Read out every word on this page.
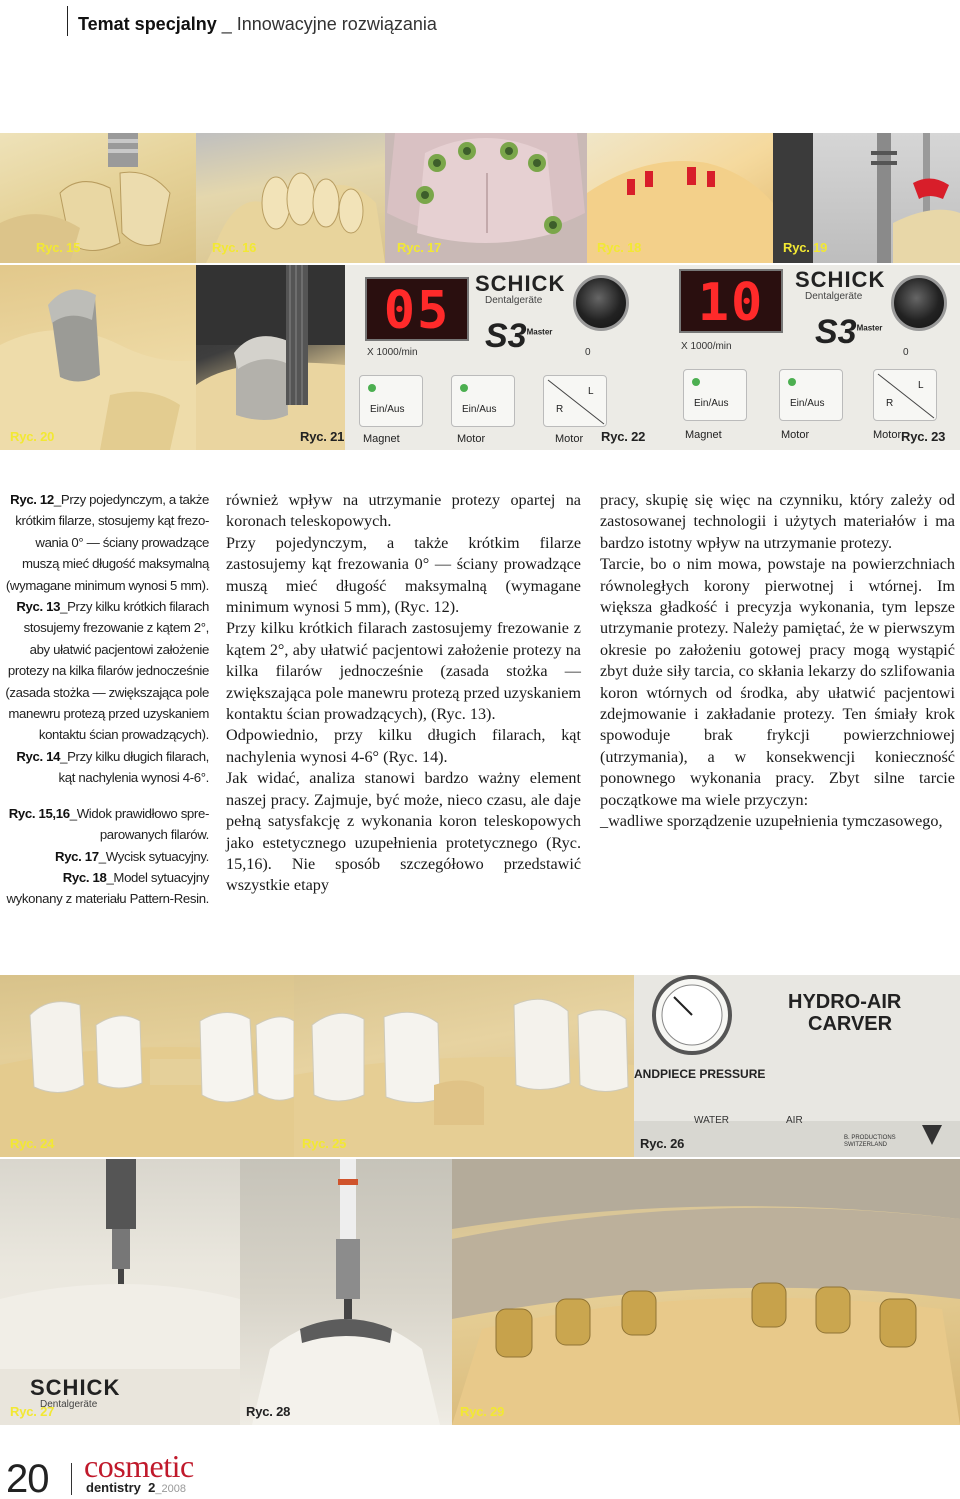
Temat specjalny _ Innowacyjne rozwiązania
Ryc. 15	Ryc. 16	Ryc. 17	Ryc. 18	Ryc. 19
Ryc. 20	Ryc. 21
05	SCHICK
Dentalgeräte
$S3^{Master}$
X 1000/min	0
Ein/Aus	Ein/Aus	R
L
Magnet	Motor	Motor Ryc. 22
10	SCHICK
Dentalgeräte
$S3^{Master}$
X 1000/min
0
Ein/Aus	Ein/Aus	R
L
Magnet	Motor	Motor Ryc. 23

Ryc. 12_Przy pojedynczym, a także krótkim filarze, stosujemy kąt frezo-wania 0° — ściany prowadzące muszą mieć długość maksymalną (wymagane minimum wynosi 5 mm).

Ryc. 13_Przy kilku krótkich filarach stosujemy frezowanie z kątem 2°, aby ułatwić pacjentowi założenie protezy na kilka filarów jednocześnie (zasada stożka — zwiększająca pole manewru protezą przed uzyskaniem kontaktu ścian prowadzących).

Ryc. 14_Przy kilku długich filarach, kąt nachylenia wynosi 4-6°.

Ryc. 15,16_Widok prawidłowo spre-parowanych filarów.

Ryc. 17_Wycisk sytuacyjny.

Ryc. 18_Model sytuacyjny wykonany z materiału Pattern-Resin.

również wpływ na utrzymanie protezy opartej na koronach teleskopowych.

Przy pojedynczym, a także krótkim filarze zastosujemy kąt frezowania 0° — ściany prowadzące muszą mieć długość maksymalną (wymagane minimum wynosi 5 mm), (Ryc. 12).

Przy kilku krótkich filarach zastosujemy frezowanie z kątem 2°, aby ułatwić pacjentowi założenie protezy na kilka filarów jednocześnie (zasada stożka — zwiększająca pole manewru protezą przed uzyskaniem kontaktu ścian prowadzących), (Ryc. 13).

Odpowiednio, przy kilku długich filarach, kąt nachylenia wynosi 4-6° (Ryc. 14).

Jak widać, analiza stanowi bardzo ważny element naszej pracy. Zajmuje, być może, nieco czasu, ale daje pełną satysfakcję z wykonania koron teleskopowych jako estetycznego uzupełnienia protetycznego (Ryc. 15,16). Nie sposób szczegółowo przedstawić wszystkie etapy

pracy, skupię się więc na czynniku, który zależy od zastosowanej technologii i użytych materiałów i ma bardzo istotny wpływ na utrzymanie protezy.

Tarcie, bo o nim mowa, powstaje na powierzchniach równoległych korony pierwotnej i wtórnej. Im większa gładkość i precyzja wykonania, tym lepsze utrzymanie protezy. Należy pamiętać, że w pierwszym okresie po założeniu gotowej pracy mogą wystąpić zbyt duże siły tarcia, co skłania lekarzy do szlifowania koron wtórnych od środka, aby ułatwić pacjentowi zdejmowanie i zakładanie protezy. Ten śmiały krok spowoduje brak frykcji powierzchniowej (utrzymania), a w konsekwencji konieczność ponownego wykonania pracy. Zbyt silne tarcie początkowe ma wiele przyczyn:

_wadliwe sporządzenie uzupełnienia tymczasowego,

Ryc. 24	Ryc. 25
HYDRO-AIR
CARVER
ANDPIECE PRESSURE
WATER	AIR
B. PRODUCTIONS SWITZERLAND
Ryc. 26
SCHICK
Dentalgeräte
Ryc. 27	Ryc. 28	Ryc. 29
20 cosmetic
dentistry 2_2008
